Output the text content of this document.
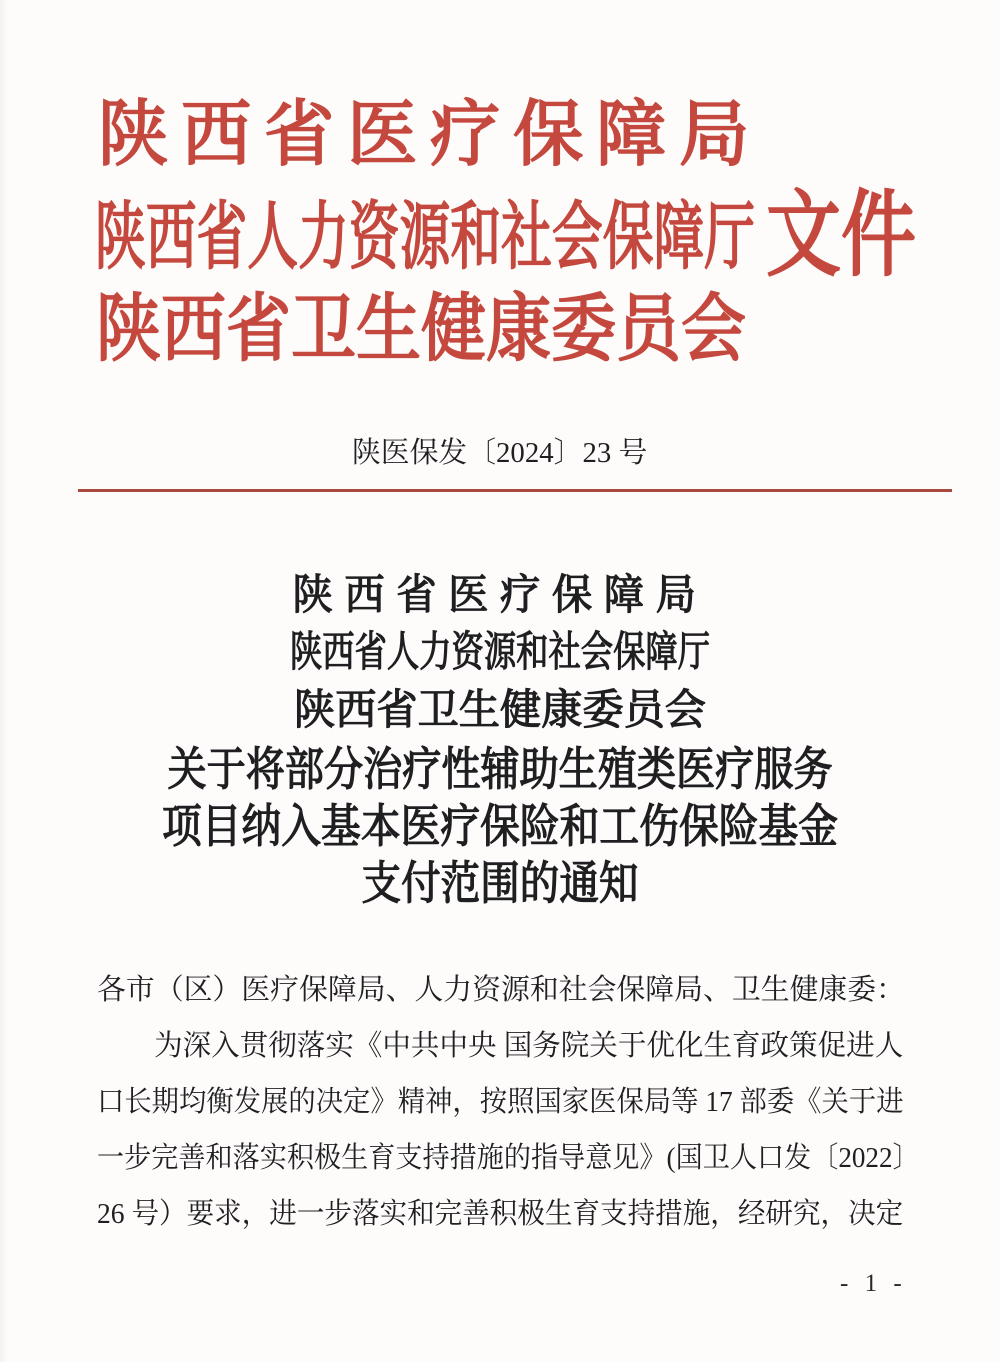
陕西省医疗保障局
陕西省人力资源和社会保障厅
陕西省卫生健康委员会
文件
陕医保发〔2024〕23 号
陕西省医疗保障局
陕西省人力资源和社会保障厅
陕西省卫生健康委员会
关于将部分治疗性辅助生殖类医疗服务
项目纳入基本医疗保险和工伤保险基金
支付范围的通知
各市（区）医疗保障局、人力资源和社会保障局、卫生健康委：
为深入贯彻落实《中共中央 国务院关于优化生育政策促进人
口长期均衡发展的决定》精神，按照国家医保局等 17 部委《关于进
一步完善和落实积极生育支持措施的指导意见》(国卫人口发〔2022〕
26 号）要求，进一步落实和完善积极生育支持措施，经研究，决定
- 1 -
